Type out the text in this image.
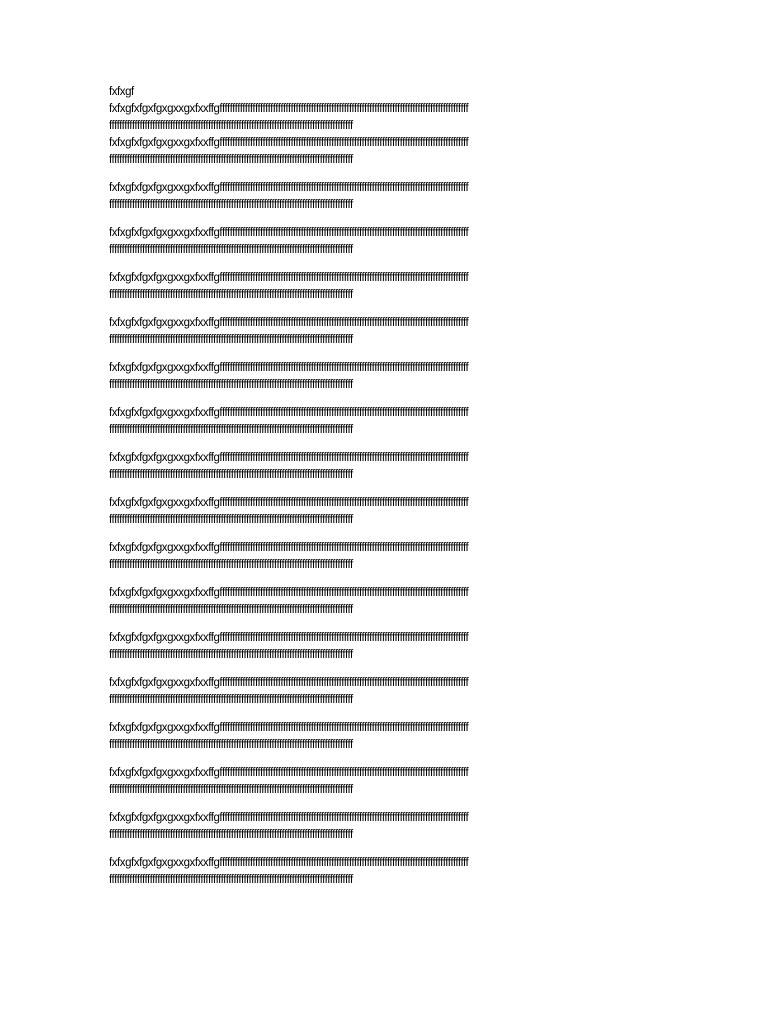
fxfxgf

fxfxgfxfgxfgxgxxgxfxxffgffffffffffffffffffffffffffffffffffffffffffffffffffffffffffffffffffffffffffffffffffffffffffffffffff
ffffffffffffffffffffffffffffffffffffffffffffffffffffffffffffffffffffffffffffffffffffffffffffffff

fxfxgfxfgxfgxgxxgxfxxffgffffffffffffffffffffffffffffffffffffffffffffffffffffffffffffffffffffffffffffffffffffffffffffffffff
ffffffffffffffffffffffffffffffffffffffffffffffffffffffffffffffffffffffffffffffffffffffffffffffff

fxfxgfxfgxfgxgxxgxfxxffgffffffffffffffffffffffffffffffffffffffffffffffffffffffffffffffffffffffffffffffffffffffffffffffffff
ffffffffffffffffffffffffffffffffffffffffffffffffffffffffffffffffffffffffffffffffffffffffffffffff

fxfxgfxfgxfgxgxxgxfxxffgffffffffffffffffffffffffffffffffffffffffffffffffffffffffffffffffffffffffffffffffffffffffffffffffff
ffffffffffffffffffffffffffffffffffffffffffffffffffffffffffffffffffffffffffffffffffffffffffffffff

fxfxgfxfgxfgxgxxgxfxxffgffffffffffffffffffffffffffffffffffffffffffffffffffffffffffffffffffffffffffffffffffffffffffffffffff
ffffffffffffffffffffffffffffffffffffffffffffffffffffffffffffffffffffffffffffffffffffffffffffffff

fxfxgfxfgxfgxgxxgxfxxffgffffffffffffffffffffffffffffffffffffffffffffffffffffffffffffffffffffffffffffffffffffffffffffffffff
ffffffffffffffffffffffffffffffffffffffffffffffffffffffffffffffffffffffffffffffffffffffffffffffff

fxfxgfxfgxfgxgxxgxfxxffgffffffffffffffffffffffffffffffffffffffffffffffffffffffffffffffffffffffffffffffffffffffffffffffffff
ffffffffffffffffffffffffffffffffffffffffffffffffffffffffffffffffffffffffffffffffffffffffffffffff

fxfxgfxfgxfgxgxxgxfxxffgffffffffffffffffffffffffffffffffffffffffffffffffffffffffffffffffffffffffffffffffffffffffffffffffff
ffffffffffffffffffffffffffffffffffffffffffffffffffffffffffffffffffffffffffffffffffffffffffffffff

fxfxgfxfgxfgxgxxgxfxxffgffffffffffffffffffffffffffffffffffffffffffffffffffffffffffffffffffffffffffffffffffffffffffffffffff
ffffffffffffffffffffffffffffffffffffffffffffffffffffffffffffffffffffffffffffffffffffffffffffffff

fxfxgfxfgxfgxgxxgxfxxffgffffffffffffffffffffffffffffffffffffffffffffffffffffffffffffffffffffffffffffffffffffffffffffffffff
ffffffffffffffffffffffffffffffffffffffffffffffffffffffffffffffffffffffffffffffffffffffffffffffff

fxfxgfxfgxfgxgxxgxfxxffgffffffffffffffffffffffffffffffffffffffffffffffffffffffffffffffffffffffffffffffffffffffffffffffffff
ffffffffffffffffffffffffffffffffffffffffffffffffffffffffffffffffffffffffffffffffffffffffffffffff

fxfxgfxfgxfgxgxxgxfxxffgffffffffffffffffffffffffffffffffffffffffffffffffffffffffffffffffffffffffffffffffffffffffffffffffff
ffffffffffffffffffffffffffffffffffffffffffffffffffffffffffffffffffffffffffffffffffffffffffffffff

fxfxgfxfgxfgxgxxgxfxxffgffffffffffffffffffffffffffffffffffffffffffffffffffffffffffffffffffffffffffffffffffffffffffffffffff
ffffffffffffffffffffffffffffffffffffffffffffffffffffffffffffffffffffffffffffffffffffffffffffffff

fxfxgfxfgxfgxgxxgxfxxffgffffffffffffffffffffffffffffffffffffffffffffffffffffffffffffffffffffffffffffffffffffffffffffffffff
ffffffffffffffffffffffffffffffffffffffffffffffffffffffffffffffffffffffffffffffffffffffffffffffff

fxfxgfxfgxfgxgxxgxfxxffgffffffffffffffffffffffffffffffffffffffffffffffffffffffffffffffffffffffffffffffffffffffffffffffffff
ffffffffffffffffffffffffffffffffffffffffffffffffffffffffffffffffffffffffffffffffffffffffffffffff

fxfxgfxfgxfgxgxxgxfxxffgffffffffffffffffffffffffffffffffffffffffffffffffffffffffffffffffffffffffffffffffffffffffffffffffff
ffffffffffffffffffffffffffffffffffffffffffffffffffffffffffffffffffffffffffffffffffffffffffffffff

fxfxgfxfgxfgxgxxgxfxxffgffffffffffffffffffffffffffffffffffffffffffffffffffffffffffffffffffffffffffffffffffffffffffffffffff
ffffffffffffffffffffffffffffffffffffffffffffffffffffffffffffffffffffffffffffffffffffffffffffffff

fxfxgfxfgxfgxgxxgxfxxffgffffffffffffffffffffffffffffffffffffffffffffffffffffffffffffffffffffffffffffffffffffffffffffffffff
ffffffffffffffffffffffffffffffffffffffffffffffffffffffffffffffffffffffffffffffffffffffffffffffff
